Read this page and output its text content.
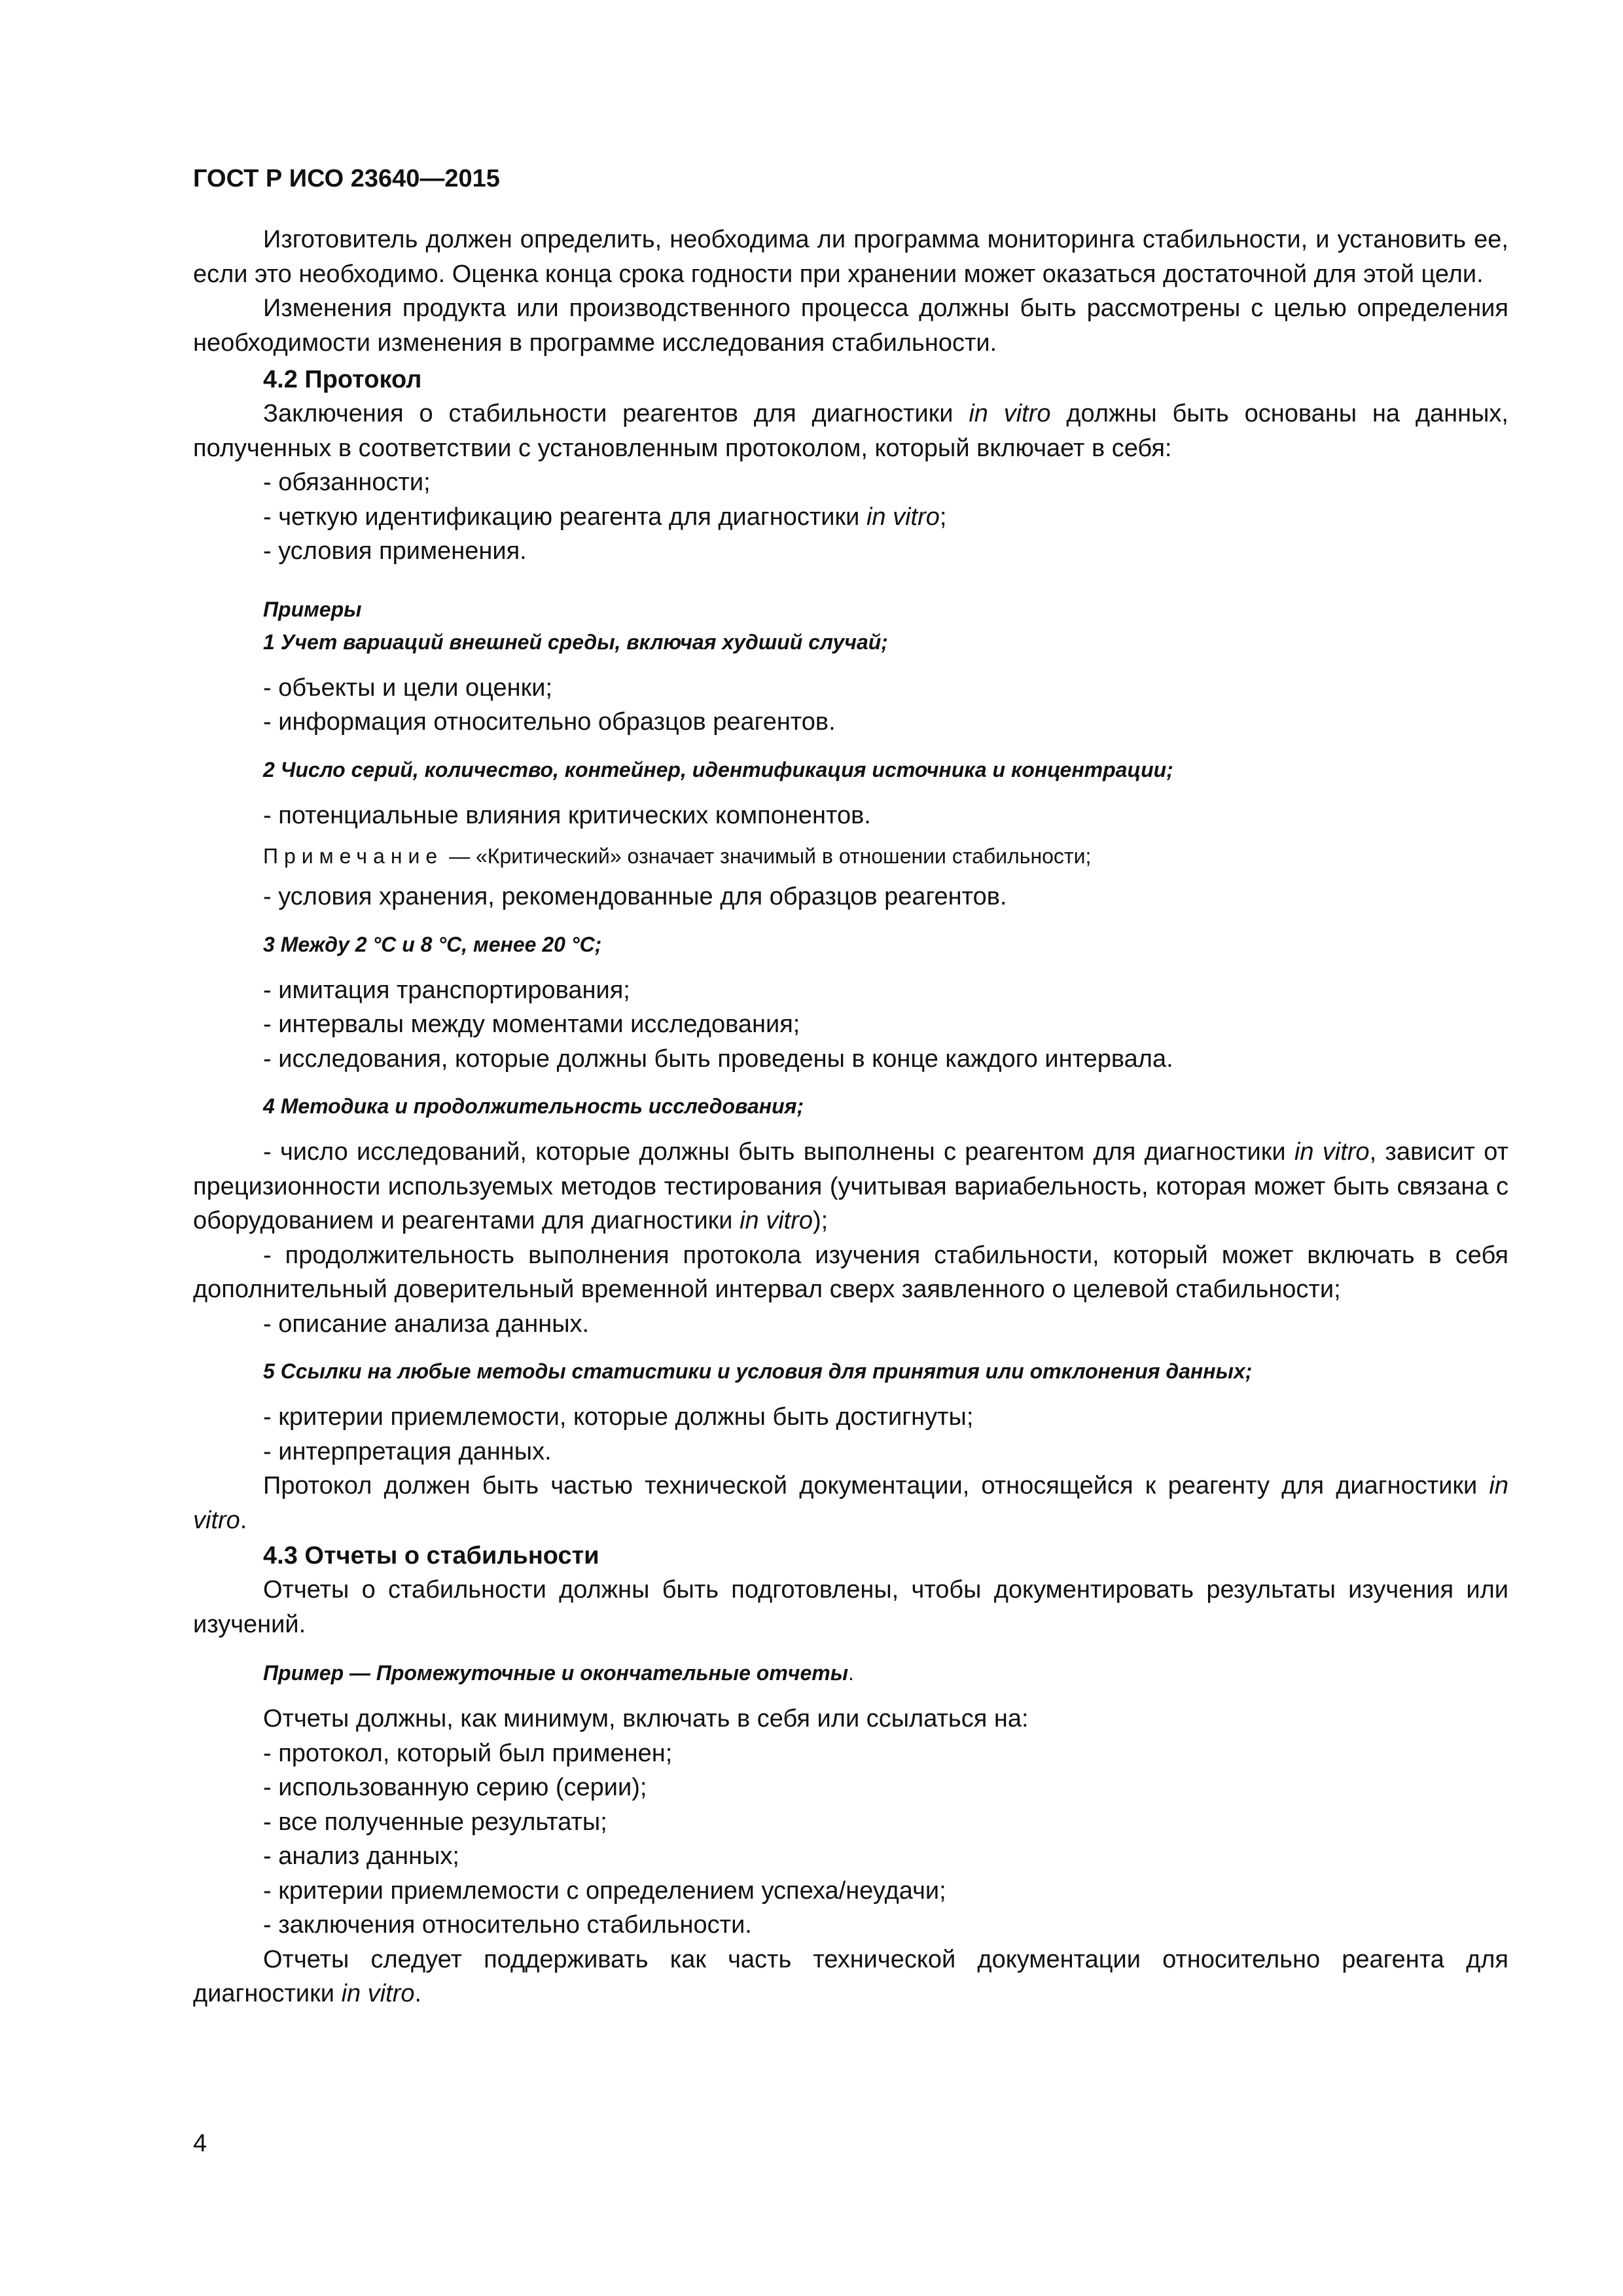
ГОСТ Р ИСО 23640—2015

Изготовитель должен определить, необходима ли программа мониторинга стабильности, и установить ее, если это необходимо. Оценка конца срока годности при хранении может оказаться достаточной для этой цели.

Изменения продукта или производственного процесса должны быть рассмотрены с целью определения необходимости изменения в программе исследования стабильности.

4.2 Протокол

Заключения о стабильности реагентов для диагностики in vitro должны быть основаны на данных, полученных в соответствии с установленным протоколом, который включает в себя:

- обязанности;
- четкую идентификацию реагента для диагностики in vitro;
- условия применения.
Примеры
1 Учет вариаций внешней среды, включая худший случай;
- объекты и цели оценки;
- информация относительно образцов реагентов.
2 Число серий, количество, контейнер, идентификация источника и концентрации;
- потенциальные влияния критических компонентов.
Примечание — «Критический» означает значимый в отношении стабильности;
- условия хранения, рекомендованные для образцов реагентов.
3 Между 2 °С и 8 °С, менее 20 °С;
- имитация транспортирования;
- интервалы между моментами исследования;
- исследования, которые должны быть проведены в конце каждого интервала.
4 Методика и продолжительность исследования;

- число исследований, которые должны быть выполнены с реагентом для диагностики in vitro, зависит от прецизионности используемых методов тестирования (учитывая вариабельность, которая может быть связана с оборудованием и реагентами для диагностики in vitro);

- продолжительность выполнения протокола изучения стабильности, который может включать в себя дополнительный доверительный временной интервал сверх заявленного о целевой стабильности;

- описание анализа данных.
5 Ссылки на любые методы статистики и условия для принятия или отклонения данных;
- критерии приемлемости, которые должны быть достигнуты;
- интерпретация данных.

Протокол должен быть частью технической документации, относящейся к реагенту для диагностики in vitro.

4.3 Отчеты о стабильности

Отчеты о стабильности должны быть подготовлены, чтобы документировать результаты изучения или изучений.

Пример — Промежуточные и окончательные отчеты.

Отчеты должны, как минимум, включать в себя или ссылаться на:

- протокол, который был применен;
- использованную серию (серии);
- все полученные результаты;
- анализ данных;
- критерии приемлемости с определением успеха/неудачи;
- заключения относительно стабильности.

Отчеты следует поддерживать как часть технической документации относительно реагента для диагностики in vitro.

4
